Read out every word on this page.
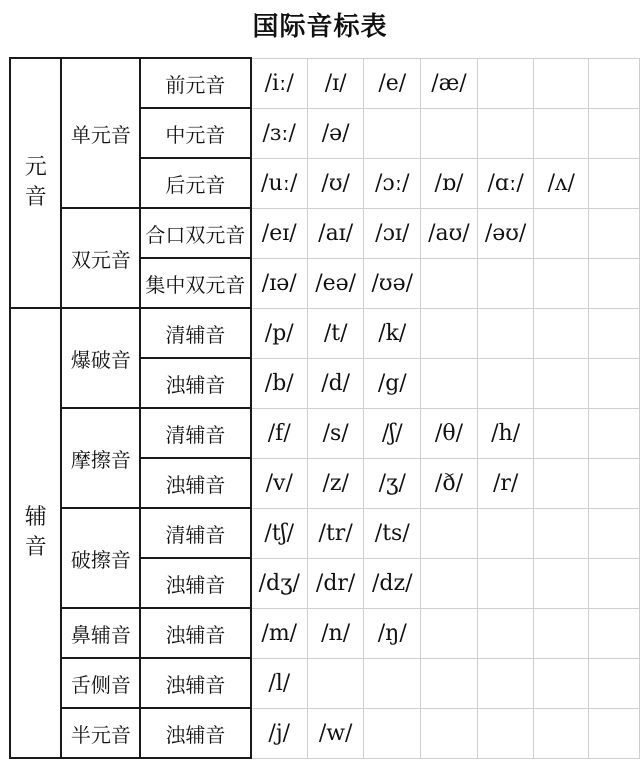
国际音标表
元
音	单元音	前元音	/iː/	/ɪ/	/e/	/æ/			
		中元音	/ɜː/	/ə/					
		后元音	/uː/	/ʊ/	/ɔː/	/ɒ/	/ɑː/	/ʌ/	
	双元音	合口双元音	/eɪ/	/aɪ/	/ɔɪ/	/aʊ/	/əʊ/		
		集中双元音	/ɪə/	/eə/	/ʊə/				

辅
音	爆破音	清辅音	/p/	/t/	/k/				
		浊辅音	/b/	/d/	/g/				
	摩擦音	清辅音	/f/	/s/	/ʃ/	/θ/	/h/		
		浊辅音	/v/	/z/	/ʒ/	/ð/	/r/		
	破擦音	清辅音	/tʃ/	/tr/	/ts/				
		浊辅音	/dʒ/	/dr/	/dz/				
	鼻辅音	浊辅音	/m/	/n/	/ŋ/				
	舌侧音	浊辅音	/l/						
	半元音	浊辅音	/j/	/w/					
